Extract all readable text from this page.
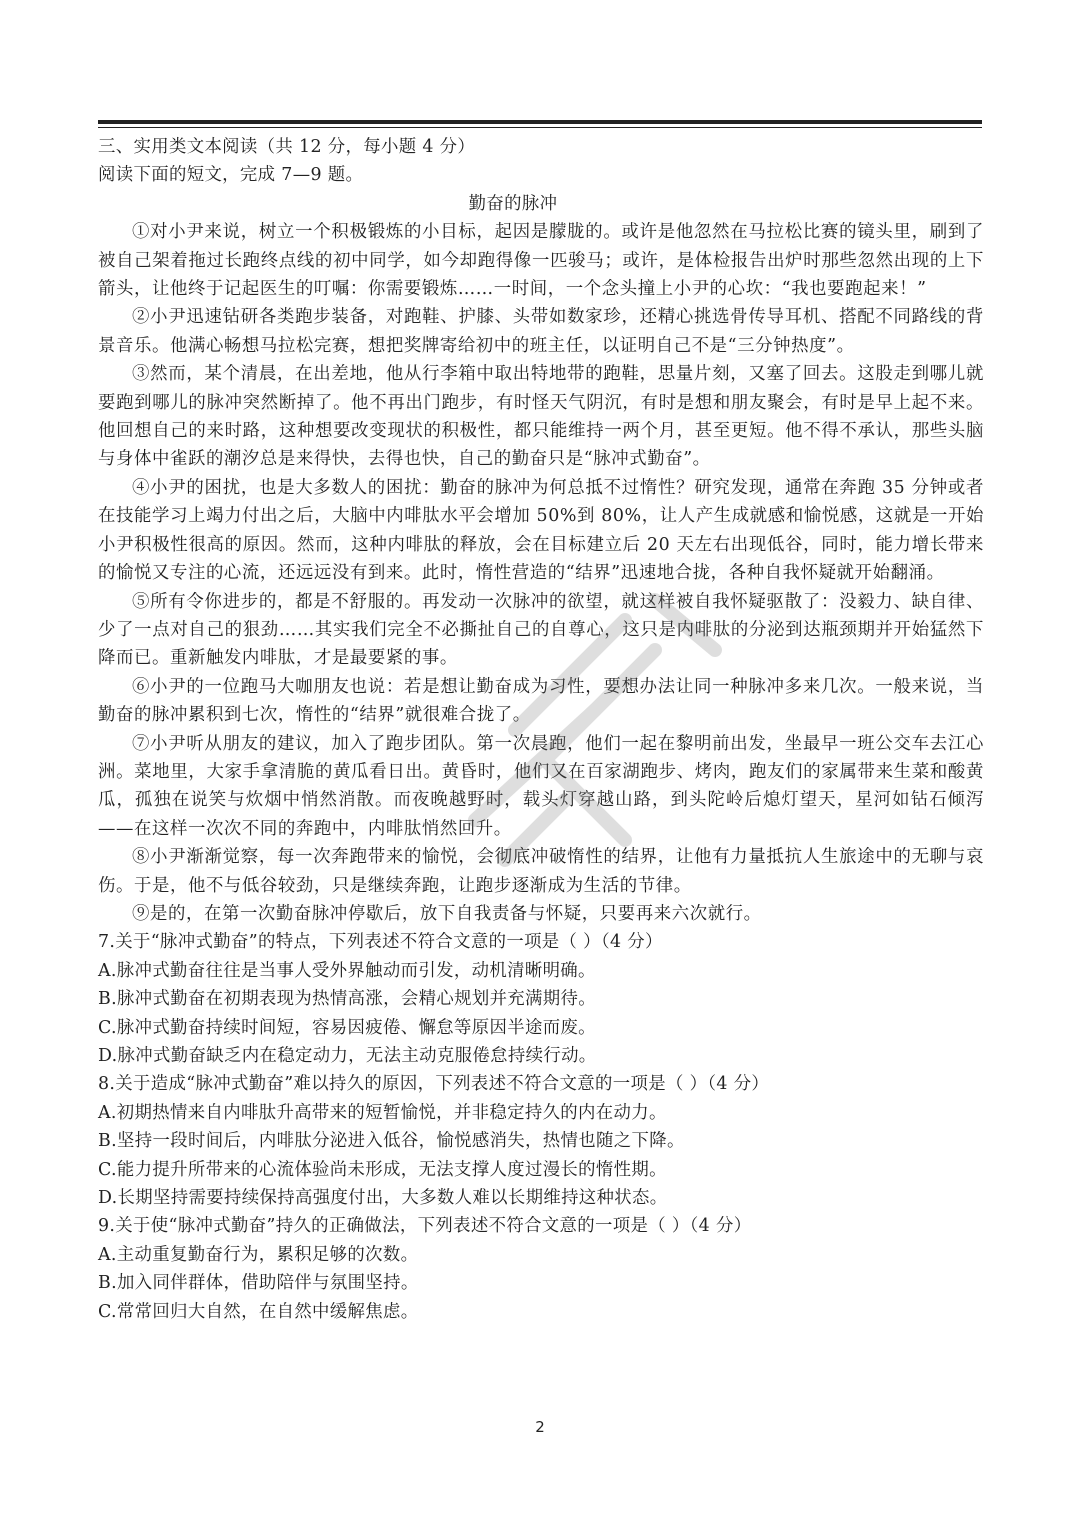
三、实用类文本阅读（共 12 分，每小题 4 分）
阅读下面的短文，完成 7—9 题。
勤奋的脉冲
①对小尹来说，树立一个积极锻炼的小目标，起因是朦胧的。或许是他忽然在马拉松比赛的镜头里，刷到了被自己架着拖过长跑终点线的初中同学，如今却跑得像一匹骏马；或许，是体检报告出炉时那些忽然出现的上下箭头，让他终于记起医生的叮嘱：你需要锻炼……一时间，一个念头撞上小尹的心坎：“我也要跑起来！”
②小尹迅速钻研各类跑步装备，对跑鞋、护膝、头带如数家珍，还精心挑选骨传导耳机、搭配不同路线的背景音乐。他满心畅想马拉松完赛，想把奖牌寄给初中的班主任，以证明自己不是“三分钟热度”。
③然而，某个清晨，在出差地，他从行李箱中取出特地带的跑鞋，思量片刻，又塞了回去。这股走到哪儿就要跑到哪儿的脉冲突然断掉了。他不再出门跑步，有时怪天气阴沉，有时是想和朋友聚会，有时是早上起不来。他回想自己的来时路，这种想要改变现状的积极性，都只能维持一两个月，甚至更短。他不得不承认，那些头脑与身体中雀跃的潮汐总是来得快，去得也快，自己的勤奋只是“脉冲式勤奋”。
④小尹的困扰，也是大多数人的困扰：勤奋的脉冲为何总抵不过惰性？研究发现，通常在奔跑 35 分钟或者在技能学习上竭力付出之后，大脑中内啡肽水平会增加 50%到 80%，让人产生成就感和愉悦感，这就是一开始小尹积极性很高的原因。然而，这种内啡肽的释放，会在目标建立后 20 天左右出现低谷，同时，能力增长带来的愉悦又专注的心流，还远远没有到来。此时，惰性营造的“结界”迅速地合拢，各种自我怀疑就开始翻涌。
⑤所有令你进步的，都是不舒服的。再发动一次脉冲的欲望，就这样被自我怀疑驱散了：没毅力、缺自律、少了一点对自己的狠劲……其实我们完全不必撕扯自己的自尊心，这只是内啡肽的分泌到达瓶颈期并开始猛然下降而已。重新触发内啡肽，才是最要紧的事。
⑥小尹的一位跑马大咖朋友也说：若是想让勤奋成为习性，要想办法让同一种脉冲多来几次。一般来说，当勤奋的脉冲累积到七次，惰性的“结界”就很难合拢了。
⑦小尹听从朋友的建议，加入了跑步团队。第一次晨跑，他们一起在黎明前出发，坐最早一班公交车去江心洲。菜地里，大家手拿清脆的黄瓜看日出。黄昏时，他们又在百家湖跑步、烤肉，跑友们的家属带来生菜和酸黄瓜，孤独在说笑与炊烟中悄然消散。而夜晚越野时，载头灯穿越山路，到头陀岭后熄灯望天，星河如钻石倾泻——在这样一次次不同的奔跑中，内啡肽悄然回升。
⑧小尹渐渐觉察，每一次奔跑带来的愉悦，会彻底冲破惰性的结界，让他有力量抵抗人生旅途中的无聊与哀伤。于是，他不与低谷较劲，只是继续奔跑，让跑步逐渐成为生活的节律。
⑨是的，在第一次勤奋脉冲停歇后，放下自我责备与怀疑，只要再来六次就行。
7.关于“脉冲式勤奋”的特点，下列表述不符合文意的一项是（ ）（4 分）
A.脉冲式勤奋往往是当事人受外界触动而引发，动机清晰明确。
B.脉冲式勤奋在初期表现为热情高涨，会精心规划并充满期待。
C.脉冲式勤奋持续时间短，容易因疲倦、懈怠等原因半途而废。
D.脉冲式勤奋缺乏内在稳定动力，无法主动克服倦怠持续行动。
8.关于造成“脉冲式勤奋”难以持久的原因，下列表述不符合文意的一项是（ ）（4 分）
A.初期热情来自内啡肽升高带来的短暂愉悦，并非稳定持久的内在动力。
B.坚持一段时间后，内啡肽分泌进入低谷，愉悦感消失，热情也随之下降。
C.能力提升所带来的心流体验尚未形成，无法支撑人度过漫长的惰性期。
D.长期坚持需要持续保持高强度付出，大多数人难以长期维持这种状态。
9.关于使“脉冲式勤奋”持久的正确做法，下列表述不符合文意的一项是（ ）（4 分）
A.主动重复勤奋行为，累积足够的次数。
B.加入同伴群体，借助陪伴与氛围坚持。
C.常常回归大自然，在自然中缓解焦虑。
2
